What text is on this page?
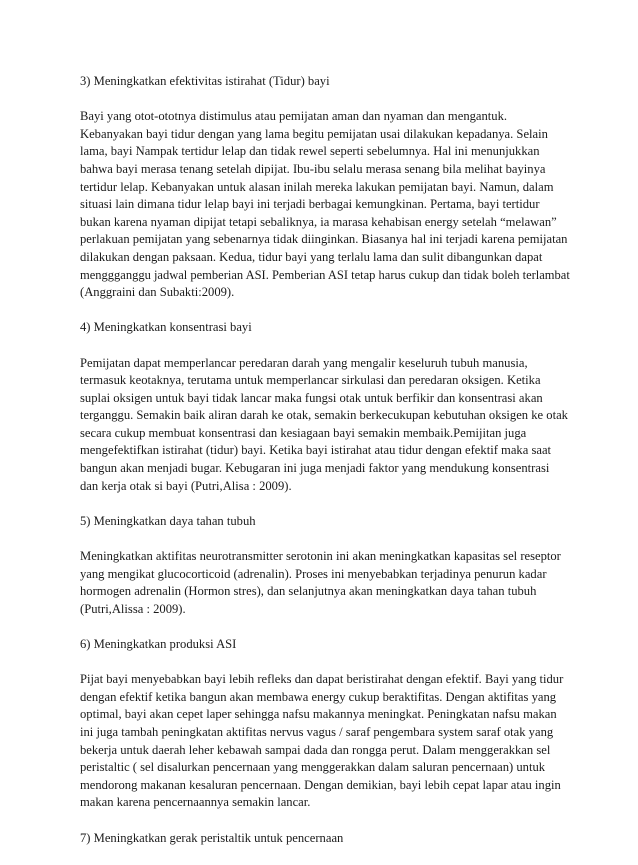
3) Meningkatkan efektivitas istirahat (Tidur) bayi
Bayi yang otot-ototnya distimulus atau pemijatan aman dan nyaman dan mengantuk.
Kebanyakan bayi tidur dengan yang lama begitu pemijatan usai dilakukan kepadanya. Selain
lama, bayi Nampak tertidur lelap dan tidak rewel seperti sebelumnya. Hal ini menunjukkan
bahwa bayi merasa tenang setelah dipijat. Ibu-ibu selalu merasa senang bila melihat bayinya
tertidur lelap. Kebanyakan untuk alasan inilah mereka lakukan pemijatan bayi. Namun, dalam
situasi lain dimana tidur lelap bayi ini terjadi berbagai kemungkinan. Pertama, bayi tertidur
bukan karena nyaman dipijat tetapi sebaliknya, ia marasa kehabisan energy setelah “melawan”
perlakuan pemijatan yang sebenarnya tidak diinginkan. Biasanya hal ini terjadi karena pemijatan
dilakukan dengan paksaan. Kedua, tidur bayi yang terlalu lama dan sulit dibangunkan dapat
menggganggu jadwal pemberian ASI. Pemberian ASI tetap harus cukup dan tidak boleh terlambat
(Anggraini dan Subakti:2009).
4) Meningkatkan konsentrasi bayi
Pemijatan dapat memperlancar peredaran darah yang mengalir keseluruh tubuh manusia,
termasuk keotaknya, terutama untuk memperlancar sirkulasi dan peredaran oksigen. Ketika
suplai oksigen untuk bayi tidak lancar maka fungsi otak untuk berfikir dan konsentrasi akan
terganggu. Semakin baik aliran darah ke otak, semakin berkecukupan kebutuhan oksigen ke otak
secara cukup membuat konsentrasi dan kesiagaan bayi semakin membaik.Pemijitan juga
mengefektifkan istirahat (tidur) bayi. Ketika bayi istirahat atau tidur dengan efektif maka saat
bangun akan menjadi bugar. Kebugaran ini juga menjadi faktor yang mendukung konsentrasi
dan kerja otak si bayi (Putri,Alisa : 2009).
5) Meningkatkan daya tahan tubuh
Meningkatkan aktifitas neurotransmitter serotonin ini akan meningkatkan kapasitas sel reseptor
yang mengikat glucocorticoid (adrenalin). Proses ini menyebabkan terjadinya penurun kadar
hormogen adrenalin (Hormon stres), dan selanjutnya akan meningkatkan daya tahan tubuh
(Putri,Alissa : 2009).
6) Meningkatkan produksi ASI
Pijat bayi menyebabkan bayi lebih refleks dan dapat beristirahat dengan efektif. Bayi yang tidur
dengan efektif ketika bangun akan membawa energy cukup beraktifitas. Dengan aktifitas yang
optimal, bayi akan cepet laper sehingga nafsu makannya meningkat. Peningkatan nafsu makan
ini juga tambah peningkatan aktifitas nervus vagus / saraf pengembara system saraf otak yang
bekerja untuk daerah leher kebawah sampai dada dan rongga perut. Dalam menggerakkan sel
peristaltic ( sel disalurkan pencernaan yang menggerakkan dalam saluran pencernaan) untuk
mendorong makanan kesaluran pencernaan. Dengan demikian, bayi lebih cepat lapar atau ingin
makan karena pencernaannya semakin lancar.
7) Meningkatkan gerak peristaltik untuk pencernaan
